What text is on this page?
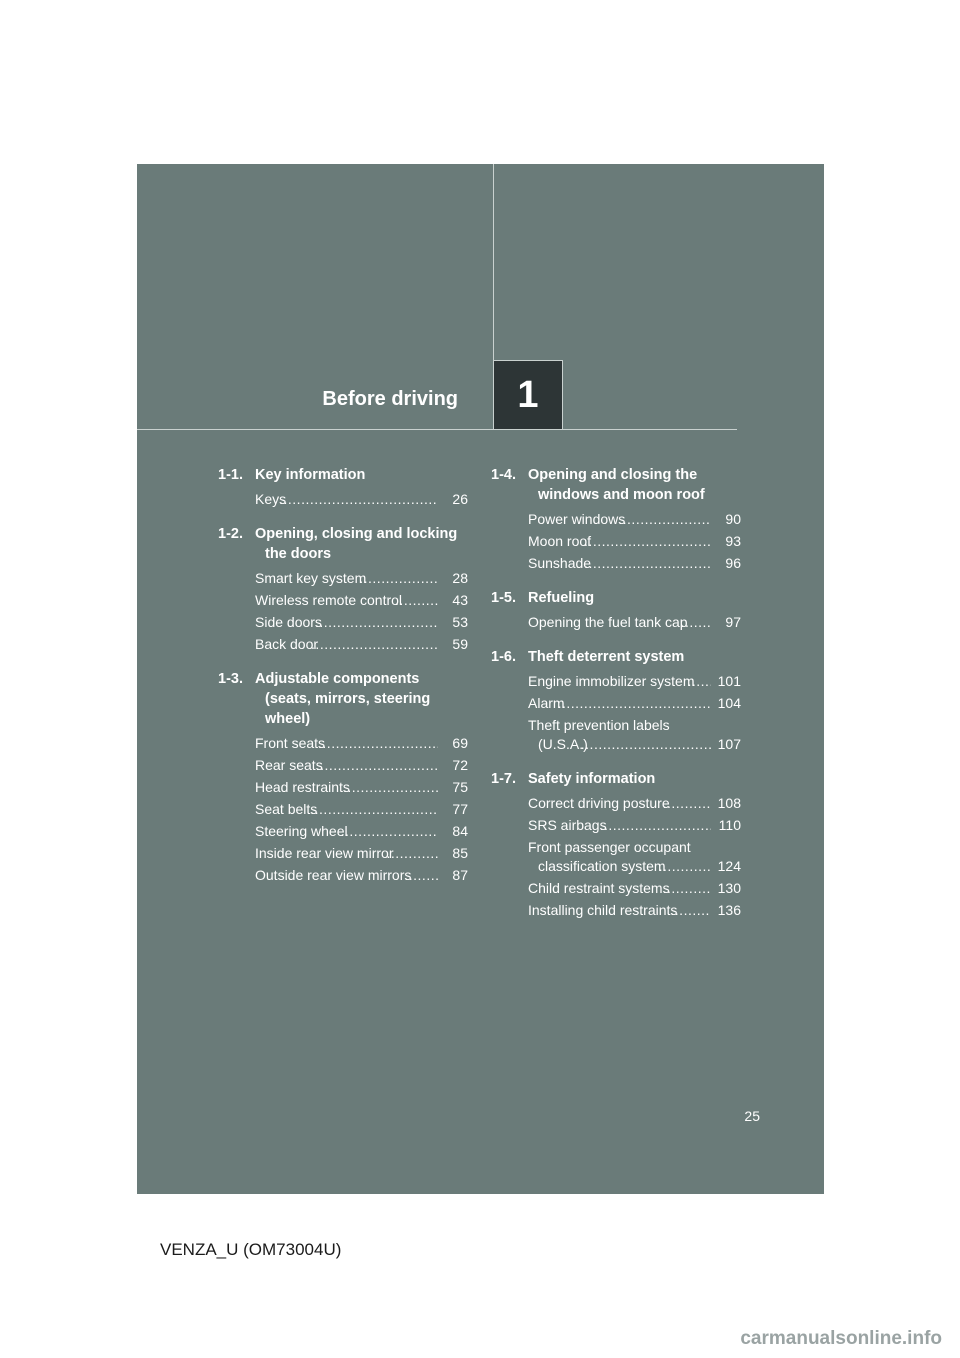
Before driving 1
1-1. Key information
Keys .....	26
1-2. Opening, closing and locking the doors
Smart key system .....	28
Wireless remote control .....	43
Side doors .....	53
Back door .....	59
1-3. Adjustable components (seats, mirrors, steering wheel)
Front seats .....	69
Rear seats .....	72
Head restraints .....	75
Seat belts .....	77
Steering wheel .....	84
Inside rear view mirror .....	85
Outside rear view mirrors .....	87
1-4. Opening and closing the windows and moon roof
Power windows .....	90
Moon roof .....	93
Sunshade .....	96
1-5. Refueling
Opening the fuel tank cap .....	97
1-6. Theft deterrent system
Engine immobilizer system .....	101
Alarm .....	104
Theft prevention labels (U.S.A.) .....	107
1-7. Safety information
Correct driving posture .....	108
SRS airbags .....	110
Front passenger occupant classification system .....	124
Child restraint systems .....	130
Installing child restraints .....	136
25
VENZA_U (OM73004U)
carmanualsonline.info
